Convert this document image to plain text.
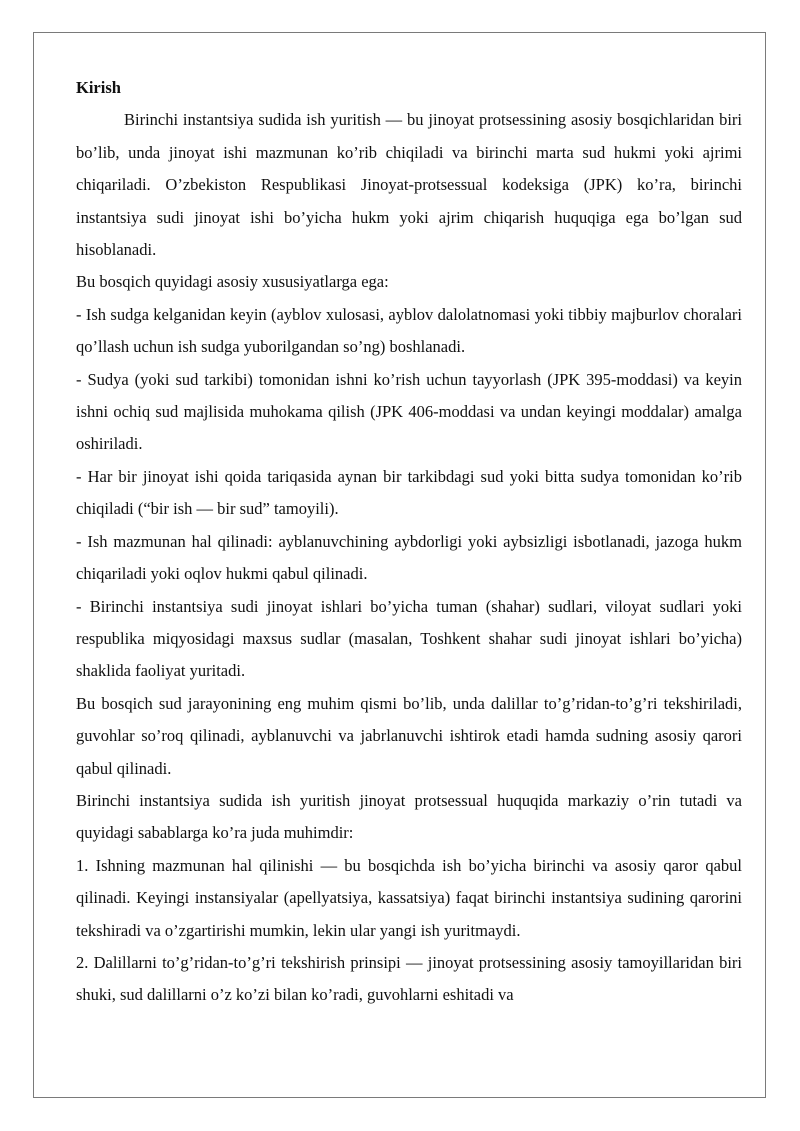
Kirish

Birinchi instantsiya sudida ish yuritish — bu jinoyat protsessining asosiy bosqichlaridan biri bo’lib, unda jinoyat ishi mazmunan ko’rib chiqiladi va birinchi marta sud hukmi yoki ajrimi chiqariladi. O’zbekiston Respublikasi Jinoyat-protsessual kodeksiga (JPK) ko’ra, birinchi instantsiya sudi jinoyat ishi bo’yicha hukm yoki ajrim chiqarish huquqiga ega bo’lgan sud hisoblanadi.

Bu bosqich quyidagi asosiy xususiyatlarga ega:

- Ish sudga kelganidan keyin (ayblov xulosasi, ayblov dalolatnomasi yoki tibbiy majburlov choralari qo’llash uchun ish sudga yuborilgandan so’ng) boshlanadi.

- Sudya (yoki sud tarkibi) tomonidan ishni ko’rish uchun tayyorlash (JPK 395-moddasi) va keyin ishni ochiq sud majlisida muhokama qilish (JPK 406-moddasi va undan keyingi moddalar) amalga oshiriladi.

- Har bir jinoyat ishi qoida tariqasida aynan bir tarkibdagi sud yoki bitta sudya tomonidan ko’rib chiqiladi (“bir ish — bir sud” tamoyili).

- Ish mazmunan hal qilinadi: ayblanuvchining aybdorligi yoki aybsizligi isbotlanadi, jazoga hukm chiqariladi yoki oqlov hukmi qabul qilinadi.

- Birinchi instantsiya sudi jinoyat ishlari bo’yicha tuman (shahar) sudlari, viloyat sudlari yoki respublika miqyosidagi maxsus sudlar (masalan, Toshkent shahar sudi jinoyat ishlari bo’yicha) shaklida faoliyat yuritadi.

Bu bosqich sud jarayonining eng muhim qismi bo’lib, unda dalillar to’g’ridan-to’g’ri tekshiriladi, guvohlar so’roq qilinadi, ayblanuvchi va jabrlanuvchi ishtirok etadi hamda sudning asosiy qarori qabul qilinadi.

Birinchi instantsiya sudida ish yuritish jinoyat protsessual huquqida markaziy o’rin tutadi va quyidagi sabablarga ko’ra juda muhimdir:

1. Ishning mazmunan hal qilinishi — bu bosqichda ish bo’yicha birinchi va asosiy qaror qabul qilinadi. Keyingi instansiyalar (apellyatsiya, kassatsiya) faqat birinchi instantsiya sudining qarorini tekshiradi va o’zgartirishi mumkin, lekin ular yangi ish yuritmaydi.

2. Dalillarni to’g’ridan-to’g’ri tekshirish prinsipi — jinoyat protsessining asosiy tamoyillaridan biri shuki, sud dalillarni o’z ko’zi bilan ko’radi, guvohlarni eshitadi va
